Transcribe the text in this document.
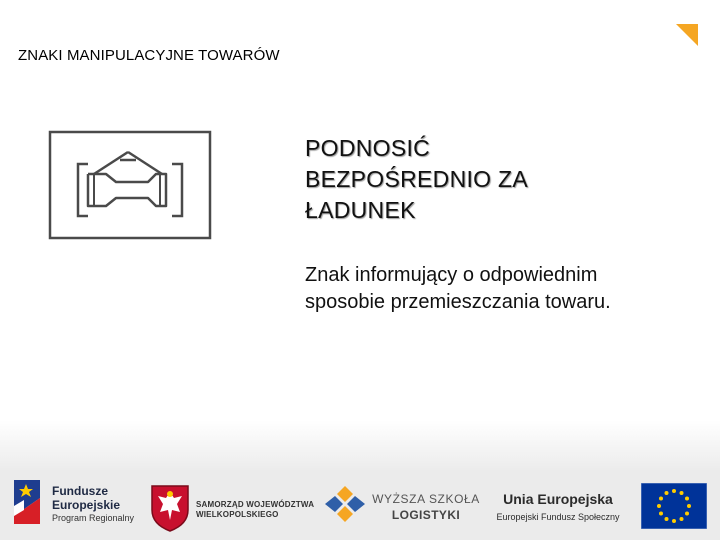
ZNAKI MANIPULACYJNE TOWARÓW
PODNOSIĆ
BEZPOŚREDNIO ZA
ŁADUNEK
Znak informujący o odpowiednim
sposobie przemieszczania towaru.
Fundusze
Europejskie
Program Regionalny
SAMORZĄD WOJEWÓDZTWA
WIELKOPOLSKIEGO
WYŻSZA SZKOŁA
LOGISTYKI
Unia Europejska
Europejski Fundusz Społeczny
